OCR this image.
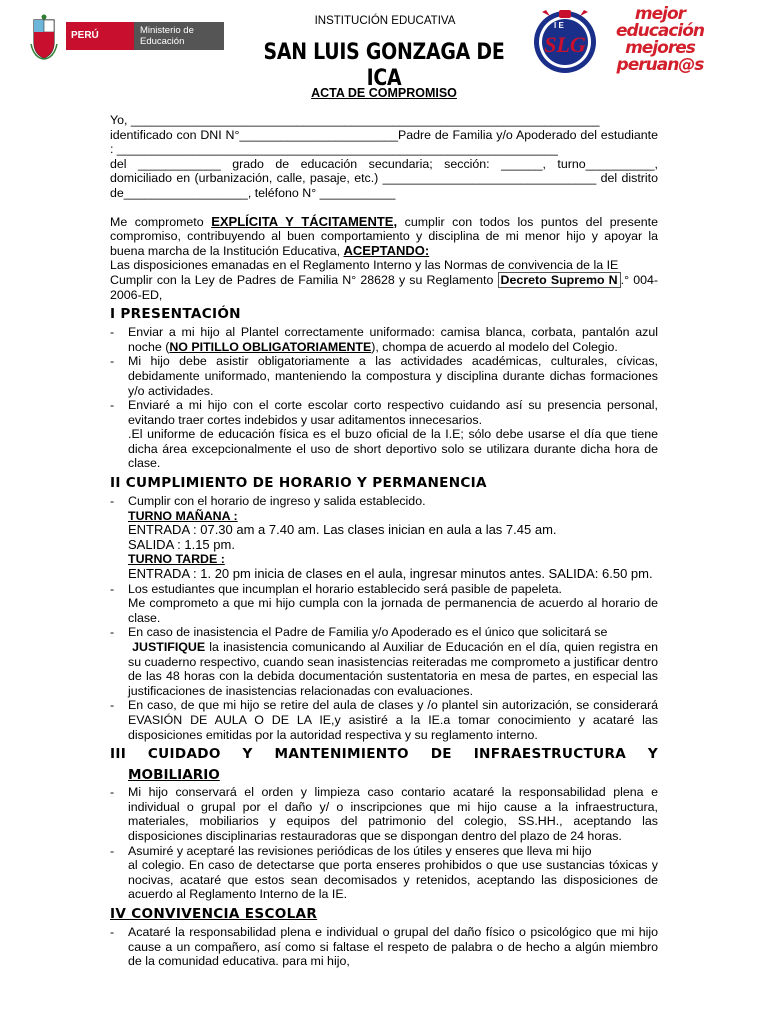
PERÚ	Ministerio de Educación
INSTITUCIÓN EDUCATIVA
SAN LUIS GONZAGA DE ICA
I E
SLG
mejor
educación
mejores
peruan@s
ACTA DE COMPROMISO

Yo, ____________________________________________________________________

identificado con DNI N°_______________________Padre de Familia y/o Apoderado del estudiante : ________________________________________________________________

del ____________ grado de educación secundaria; sección: ______, turno__________, domiciliado en (urbanización, calle, pasaje, etc.) _______________________________ del distrito de__________________, teléfono N° ___________

Me comprometo EXPLÍCITA Y TÁCITAMENTE, cumplir con todos los puntos del presente compromiso, contribuyendo al buen comportamiento y disciplina de mi menor hijo y apoyar la buena marcha de la Institución Educativa, ACEPTANDO:

Las disposiciones emanadas en el Reglamento Interno y las Normas de convivencia de la IE

Cumplir con la Ley de Padres de Familia N° 28628 y su Reglamento Decreto Supremo N .° 004-2006-ED,

I PRESENTACIÓN
- Enviar a mi hijo al Plantel correctamente uniformado: camisa blanca, corbata, pantalón azul noche (NO PITILLO OBLIGATORIAMENTE), chompa de acuerdo al modelo del Colegio.
- Mi hijo debe asistir obligatoriamente a las actividades académicas, culturales, cívicas, debidamente uniformado, manteniendo la compostura y disciplina durante dichas formaciones y/o actividades.
- Enviaré a mi hijo con el corte escolar corto respectivo cuidando así su presencia personal, evitando traer cortes indebidos y usar aditamentos innecesarios.
.El uniforme de educación física es el buzo oficial de la I.E; sólo debe usarse el día que tiene dicha área excepcionalmente el uso de short deportivo solo se utilizara durante dicha hora de clase.
II CUMPLIMIENTO DE HORARIO Y PERMANENCIA
- Cumplir con el horario de ingreso y salida establecido.
TURNO MAÑANA :
ENTRADA : 07.30 am a 7.40 am. Las clases inician en aula a las 7.45 am.
SALIDA : 1.15 pm.
TURNO TARDE :
ENTRADA : 1. 20 pm inicia de clases en el aula, ingresar minutos antes. SALIDA: 6.50 pm.
- Los estudiantes que incumplan el horario establecido será pasible de papeleta.
Me comprometo a que mi hijo cumpla con la jornada de permanencia de acuerdo al horario de clase.
- En caso de inasistencia el Padre de Familia y/o Apoderado es el único que solicitará se
JUSTIFIQUE la inasistencia comunicando al Auxiliar de Educación en el día, quien registra en su cuaderno respectivo, cuando sean inasistencias reiteradas me comprometo a justificar dentro de las 48 horas con la debida documentación sustentatoria en mesa de partes, en especial las justificaciones de inasistencias relacionadas con evaluaciones.
- En caso, de que mi hijo se retire del aula de clases y /o plantel sin autorización, se considerará EVASIÓN DE AULA O DE LA IE,y asistiré a la IE.a tomar conocimiento y acataré las disposiciones emitidas por la autoridad respectiva y su reglamento interno.
III CUIDADO Y MANTENIMIENTO DE INFRAESTRUCTURA Y
MOBILIARIO
- Mi hijo conservará el orden y limpieza caso contario acataré la responsabilidad plena e individual o grupal por el daño y/ o inscripciones que mi hijo cause a la infraestructura, materiales, mobiliarios y equipos del patrimonio del colegio, SS.HH., aceptando las disposiciones disciplinarias restauradoras que se dispongan dentro del plazo de 24 horas.
- Asumiré y aceptaré las revisiones periódicas de los útiles y enseres que lleva mi hijo
al colegio. En caso de detectarse que porta enseres prohibidos o que use sustancias tóxicas y nocivas, acataré que estos sean decomisados y retenidos, aceptando las disposiciones de acuerdo al Reglamento Interno de la IE.
IV CONVIVENCIA ESCOLAR
- Acataré la responsabilidad plena e individual o grupal del daño físico o psicológico que mi hijo cause a un compañero, así como si faltase el respeto de palabra o de hecho a algún miembro de la comunidad educativa. para mi hijo,
